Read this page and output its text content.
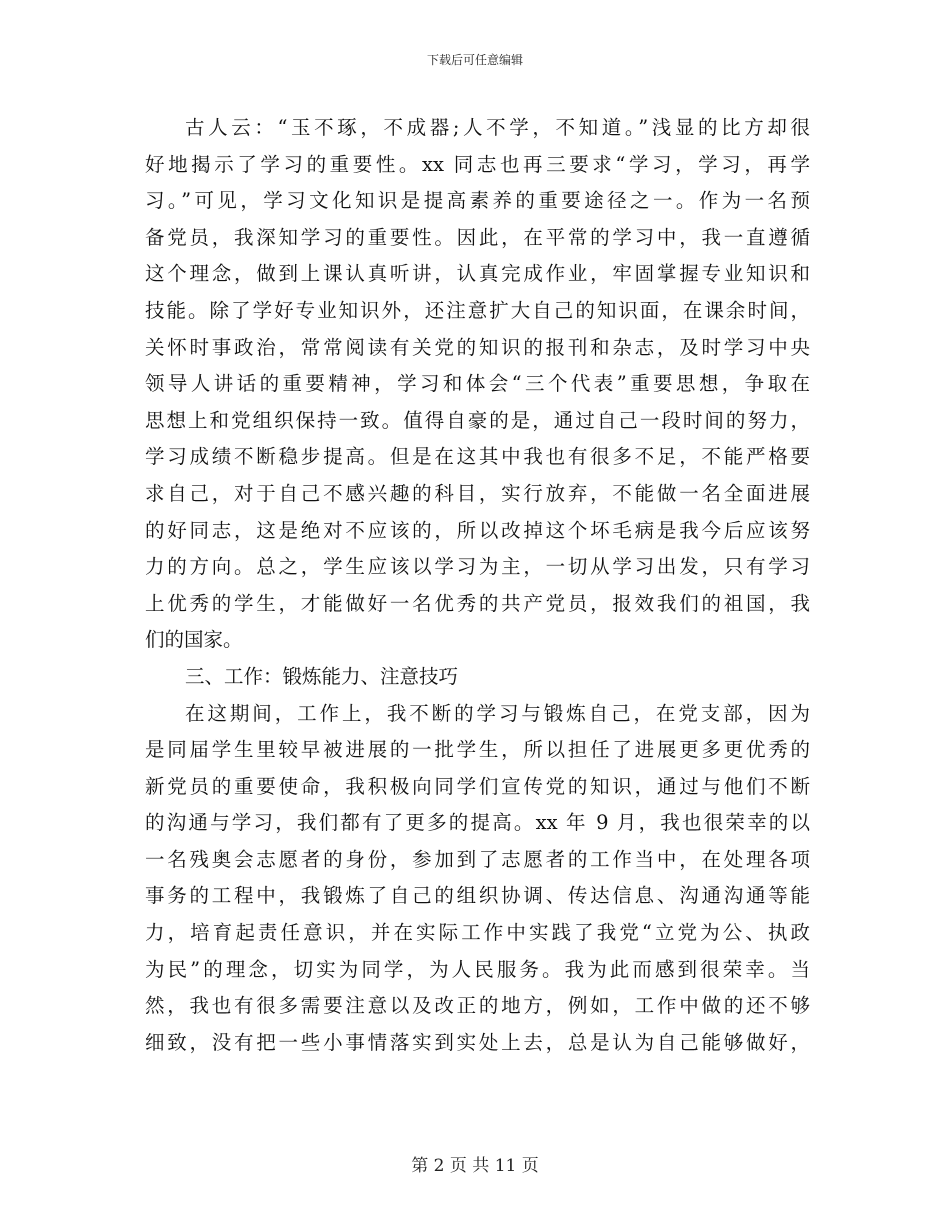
下载后可任意编辑
古人云：“玉不琢，不成器;人不学，不知道。”浅显的比方却很
好地揭示了学习的重要性。xx 同志也再三要求“学习，学习，再学
习。”可见，学习文化知识是提高素养的重要途径之一。作为一名预
备党员，我深知学习的重要性。因此，在平常的学习中，我一直遵循
这个理念，做到上课认真听讲，认真完成作业，牢固掌握专业知识和
技能。除了学好专业知识外，还注意扩大自己的知识面，在课余时间，
关怀时事政治，常常阅读有关党的知识的报刊和杂志，及时学习中央
领导人讲话的重要精神，学习和体会“三个代表”重要思想，争取在
思想上和党组织保持一致。值得自豪的是，通过自己一段时间的努力，
学习成绩不断稳步提高。但是在这其中我也有很多不足，不能严格要
求自己，对于自己不感兴趣的科目，实行放弃，不能做一名全面进展
的好同志，这是绝对不应该的，所以改掉这个坏毛病是我今后应该努
力的方向。总之，学生应该以学习为主，一切从学习出发，只有学习
上优秀的学生，才能做好一名优秀的共产党员，报效我们的祖国，我
们的国家。
三、工作：锻炼能力、注意技巧
在这期间，工作上，我不断的学习与锻炼自己，在党支部，因为
是同届学生里较早被进展的一批学生，所以担任了进展更多更优秀的
新党员的重要使命，我积极向同学们宣传党的知识，通过与他们不断
的沟通与学习，我们都有了更多的提高。xx 年 9 月，我也很荣幸的以
一名残奥会志愿者的身份，参加到了志愿者的工作当中，在处理各项
事务的工程中，我锻炼了自己的组织协调、传达信息、沟通沟通等能
力，培育起责任意识，并在实际工作中实践了我党“立党为公、执政
为民”的理念，切实为同学，为人民服务。我为此而感到很荣幸。当
然，我也有很多需要注意以及改正的地方，例如，工作中做的还不够
细致，没有把一些小事情落实到实处上去，总是认为自己能够做好，
第 2 页 共 11 页
